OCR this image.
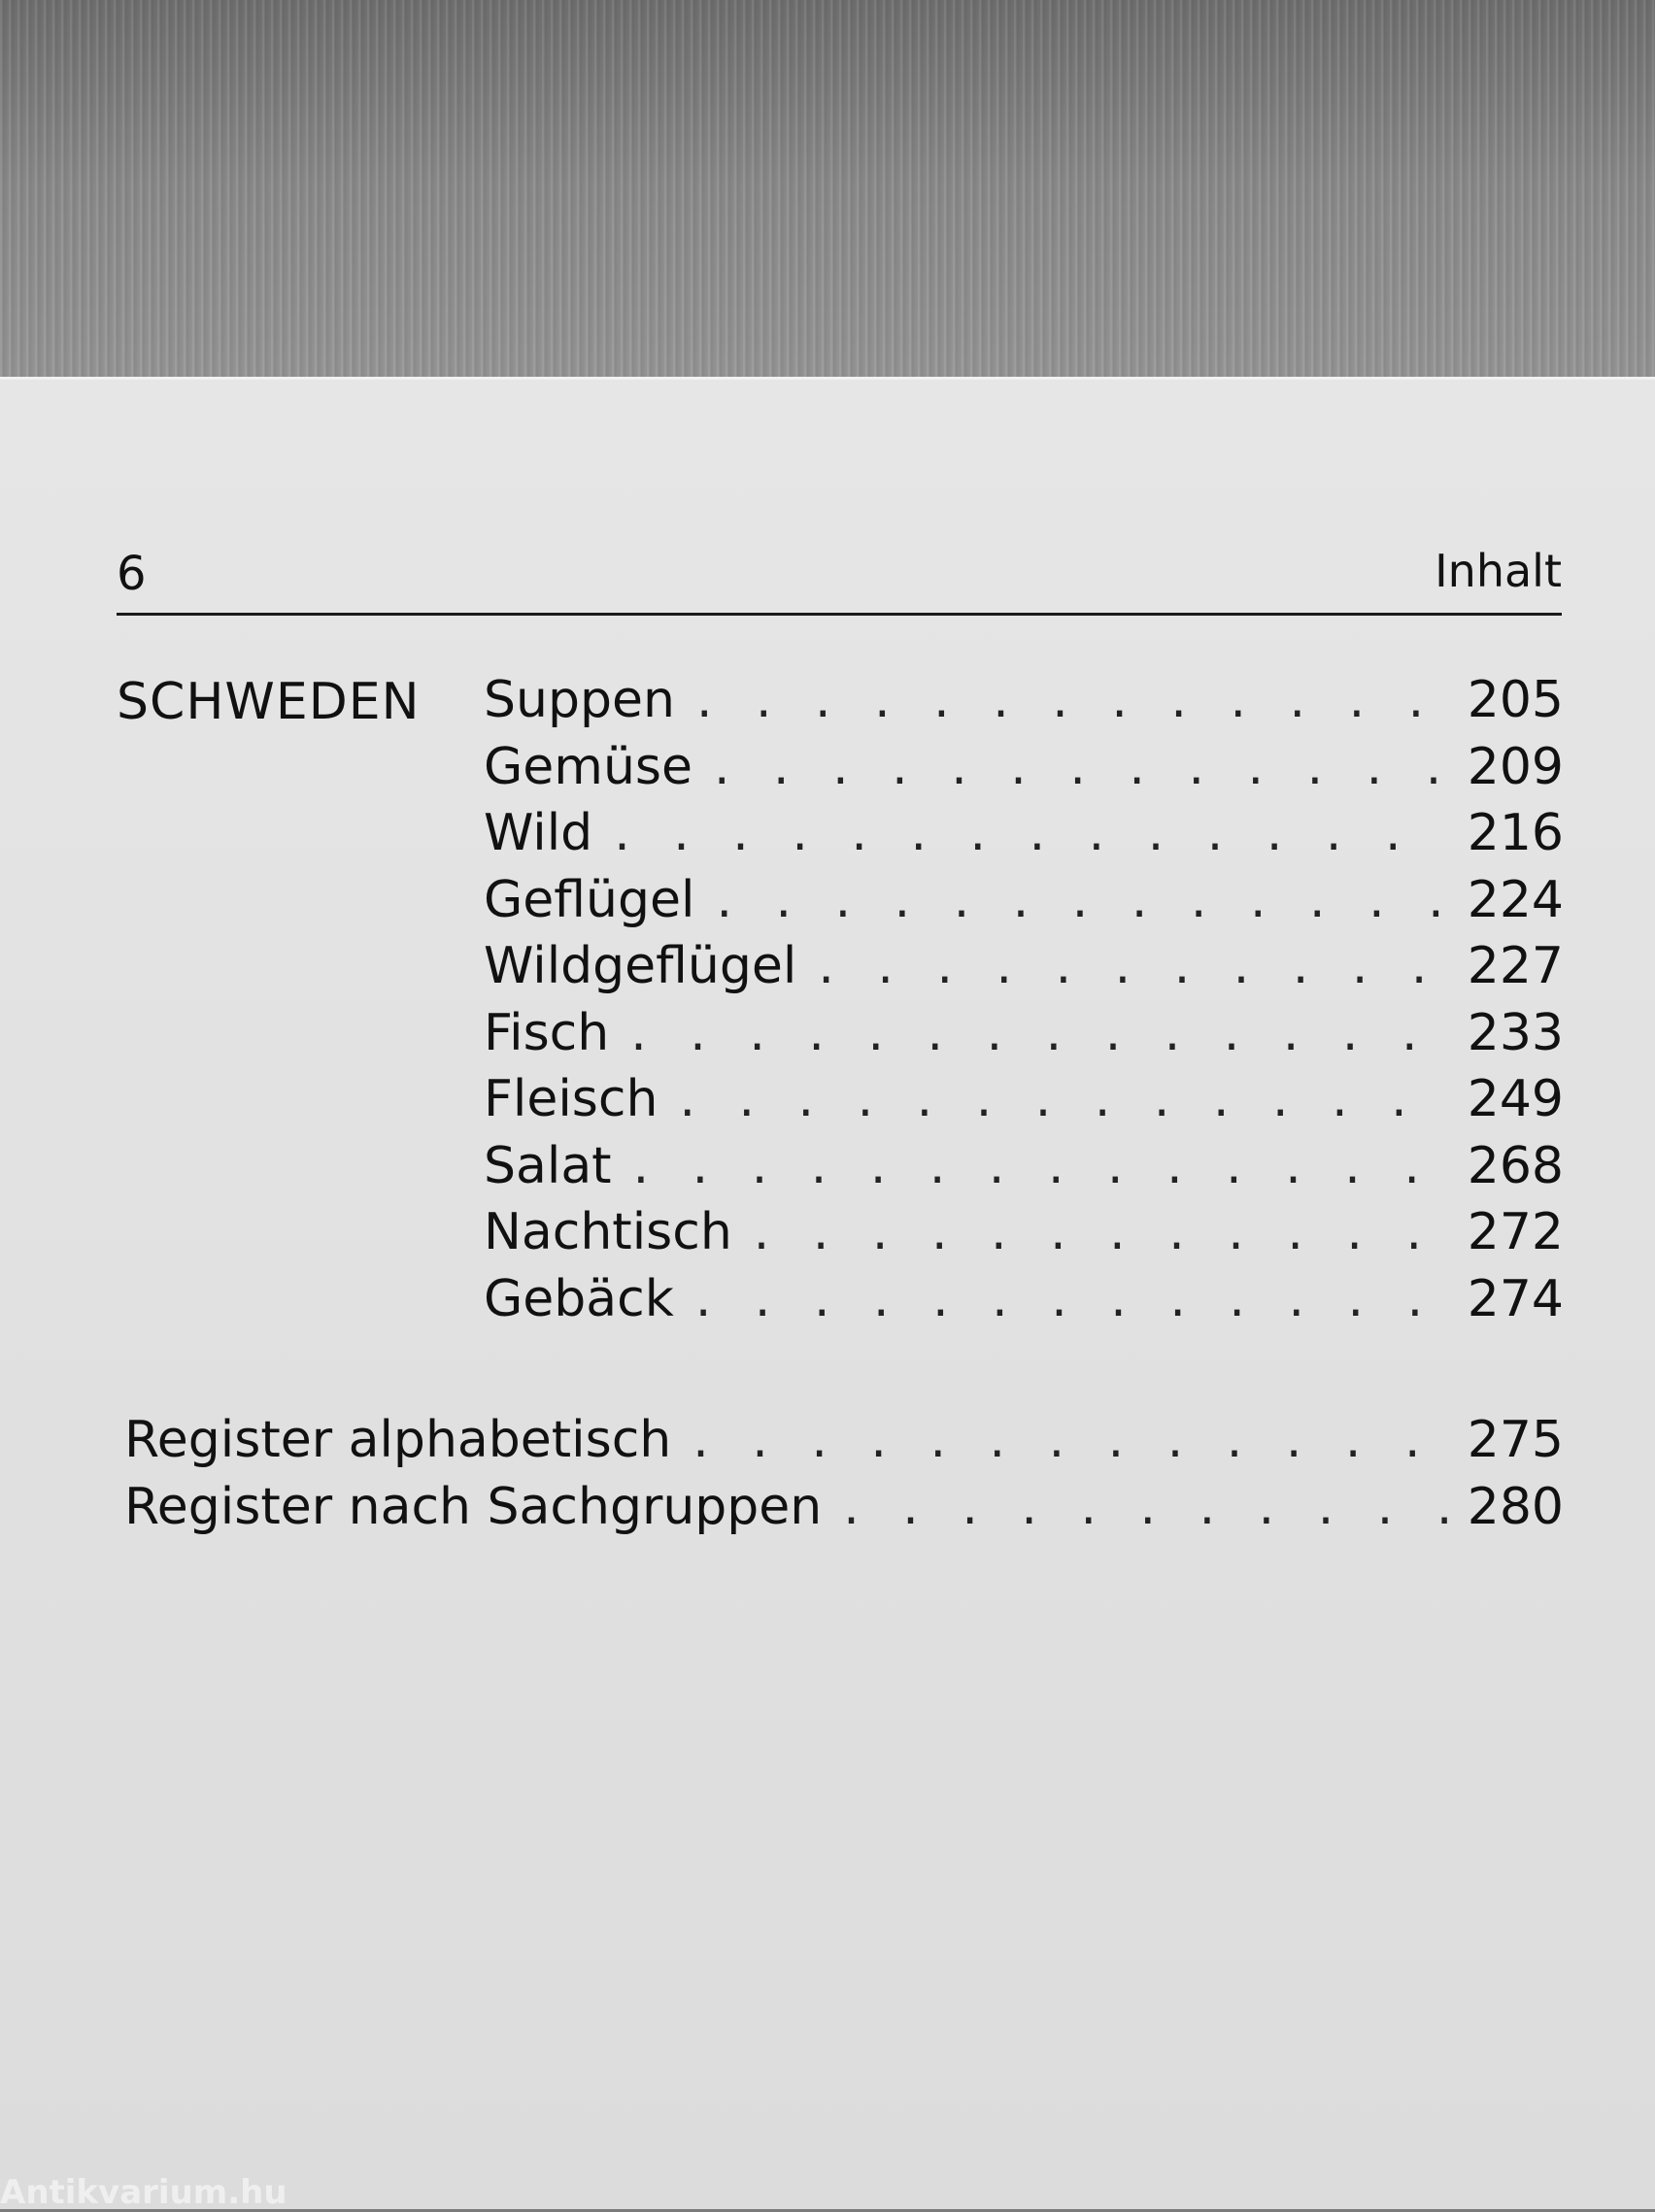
6	Inhalt
SCHWEDEN Suppen . . .	205
Gemüse . . .	209
Wild . . .	216
Geflügel . . .	224
Wildgeflügel . . .	227
Fisch . . .	233
Fleisch . . .	249
Salat . . .	268
Nachtisch . . .	272
Gebäck . . .	274
Register alphabetisch . . .	275
Register nach Sachgruppen . . .	280
Antikvarium.hu
